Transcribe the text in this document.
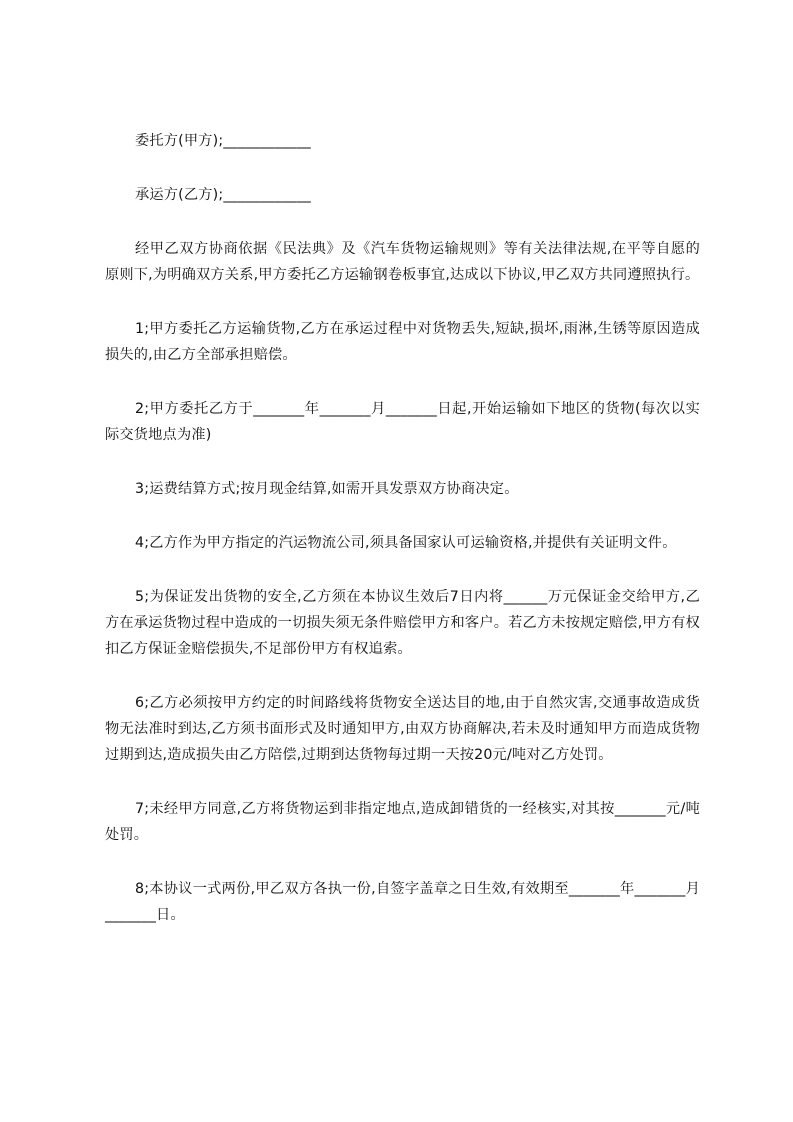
委托方(甲方);____________

承运方(乙方);____________

经甲乙双方协商依据《民法典》及《汽车货物运输规则》等有关法律法规,在平等自愿的原则下,为明确双方关系,甲方委托乙方运输钢卷板事宜,达成以下协议,甲乙双方共同遵照执行。

1;甲方委托乙方运输货物,乙方在承运过程中对货物丢失,短缺,损坏,雨淋,生锈等原因造成损失的,由乙方全部承担赔偿。

2;甲方委托乙方于_______年_______月_______日起,开始运输如下地区的货物(每次以实际交货地点为准)

3;运费结算方式;按月现金结算,如需开具发票双方协商决定。

4;乙方作为甲方指定的汽运物流公司,须具备国家认可运输资格,并提供有关证明文件。

5;为保证发出货物的安全,乙方须在本协议生效后7日内将______万元保证金交给甲方,乙方在承运货物过程中造成的一切损失须无条件赔偿甲方和客户。若乙方未按规定赔偿,甲方有权扣乙方保证金赔偿损失,不足部份甲方有权追索。

6;乙方必须按甲方约定的时间路线将货物安全送达目的地,由于自然灾害,交通事故造成货物无法准时到达,乙方须书面形式及时通知甲方,由双方协商解决,若未及时通知甲方而造成货物过期到达,造成损失由乙方陪偿,过期到达货物每过期一天按20元/吨对乙方处罚。

7;未经甲方同意,乙方将货物运到非指定地点,造成卸错货的一经核实,对其按_______元/吨处罚。

8;本协议一式两份,甲乙双方各执一份,自签字盖章之日生效,有效期至_______年_______月_______日。
